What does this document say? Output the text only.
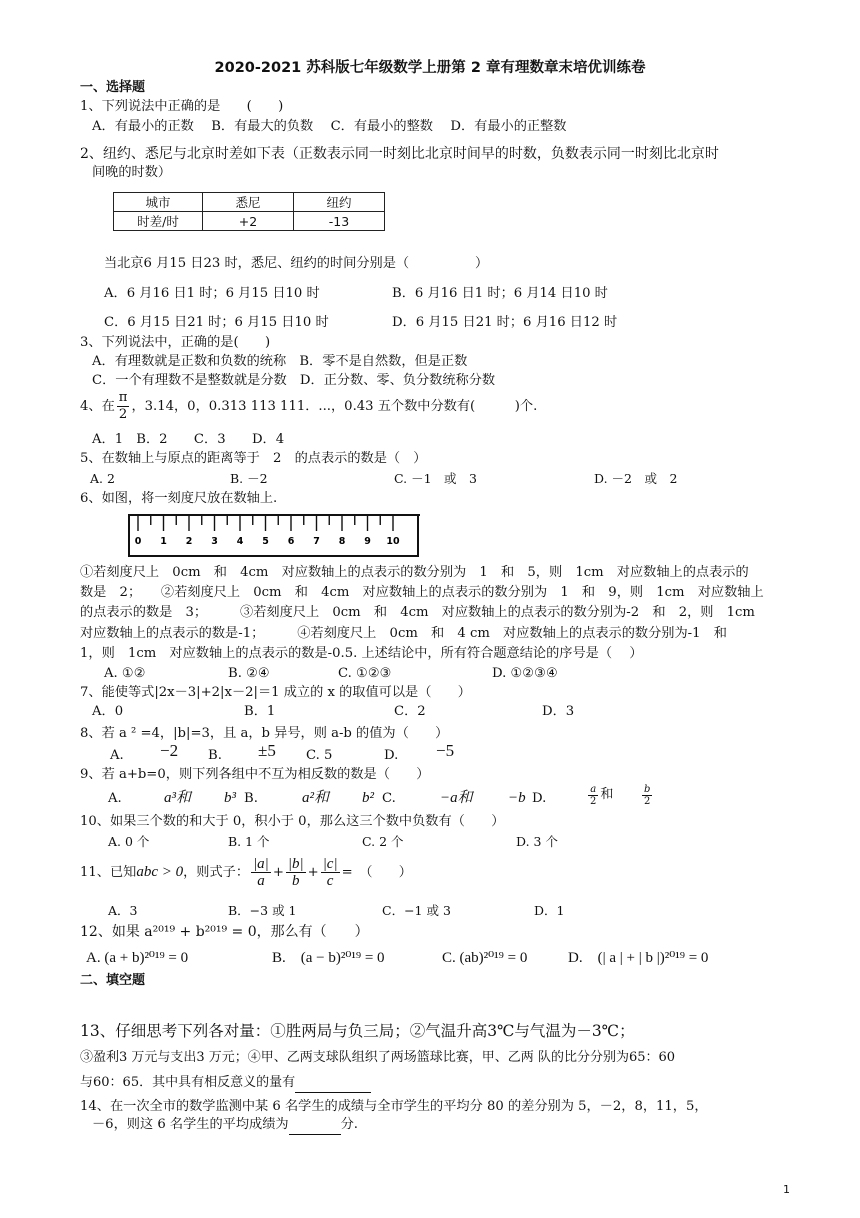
2020-2021 苏科版七年级数学上册第 2 章有理数章末培优训练卷
一、选择题
1、下列说法中正确的是　　(　　)
A．有最小的正数　 B．有最大的负数　 C．有最小的整数　 D．有最小的正整数
2、纽约、悉尼与北京时差如下表（正数表示同一时刻比北京时间早的时数，负数表示同一时刻比北京时
间晚的时数）
城市	悉尼	纽约
时差/时	+2	-13
当北京6 月15 日23 时，悉尼、纽约的时间分别是（　　　　　）
A．6 月16 日1 时；6 月15 日10 时	B．6 月16 日1 时；6 月14 日10 时
C．6 月15 日21 时；6 月15 日10 时	D．6 月15 日21 时；6 月16 日12 时
3、下列说法中，正确的是(　　)
A．有理数就是正数和负数的统称　B．零不是自然数，但是正数
C．一个有理数不是整数就是分数　D．正分数、零、负分数统称分数
4、在 $\frac{\pi}{2}$ ，3.14，0，0.313 113 111．...，0.43 五个数中分数有(　　　)个.
A．1　B．2　　C．3　　D．4
5、在数轴上与原点的距离等于　2　的点表示的数是（　）
A. 2	B. －2	C. －1　或　3	D. －2　或　2
6、如图，将一刻度尺放在数轴上.
0 1 2 3 4 5 6 7 8 9 10
①若刻度尺上　0cm　和　4cm　对应数轴上的点表示的数分别为　1　和　5，则　1cm　对应数轴上的点表示的
数是　2；　　②若刻度尺上　0cm　和　4cm　对应数轴上的点表示的数分别为　1　和　9，则　1cm　对应数轴上
的点表示的数是　3；　　　③若刻度尺上　0cm　和　4cm　对应数轴上的点表示的数分别为-2　和　2，则　1cm
对应数轴上的点表示的数是-1；　　　④若刻度尺上　0cm　和　4 cm　对应数轴上的点表示的数分别为-1　和
1，则　1cm　对应数轴上的点表示的数是-0.5. 上述结论中，所有符合题意结论的序号是（　 ）
A. ①②	B. ②④	C. ①②③	D. ①②③④
7、能使等式|2x－3|+2|x－2|＝1 成立的 x 的取值可以是（　　）
A．0	B．1	C．2	D．3
8、若 a ² =4，|b|=3，且 a，b 异号，则 a-b 的值为（　　）
A. −2 B. ±5 C. 5	D. −5
9、若 a+b=0，则下列各组中不互为相反数的数是（　　）
A.	a³和 b³ B.	a²和 b² C.	−a和 −b D.	$\frac{a}{2}$ 和	$\frac{b}{2}$
10、如果三个数的和大于 0，积小于 0，那么这三个数中负数有（　　）
A. 0 个	B. 1 个	C. 2 个	D. 3 个
11、已知abc > 0，则式子： $\frac{|a|}{a} + \frac{|b|}{b} + \frac{|c|}{c}$ =　（　　）
A．3	B．−3 或 1	C．−1 或 3	D．1
12、如果 a²⁰¹⁹ + b²⁰¹⁹ = 0，那么有（　　）
A. (a + b)²⁰¹⁹ = 0	B.　(a − b)²⁰¹⁹ = 0	C. (ab)²⁰¹⁹ = 0	D.　(| a | + | b |)²⁰¹⁹ = 0
二、填空题
13、仔细思考下列各对量：①胜两局与负三局；②气温升高3℃与气温为－3℃；
③盈利3 万元与支出3 万元；④甲、乙两支球队组织了两场篮球比赛，甲、乙两 队的比分分别为65：60
与60：65．其中具有相反意义的量有
14、在一次全市的数学监测中某 6 名学生的成绩与全市学生的平均分 80 的差分别为 5，－2，8，11，5，
－6，则这 6 名学生的平均成绩为	分.
1
